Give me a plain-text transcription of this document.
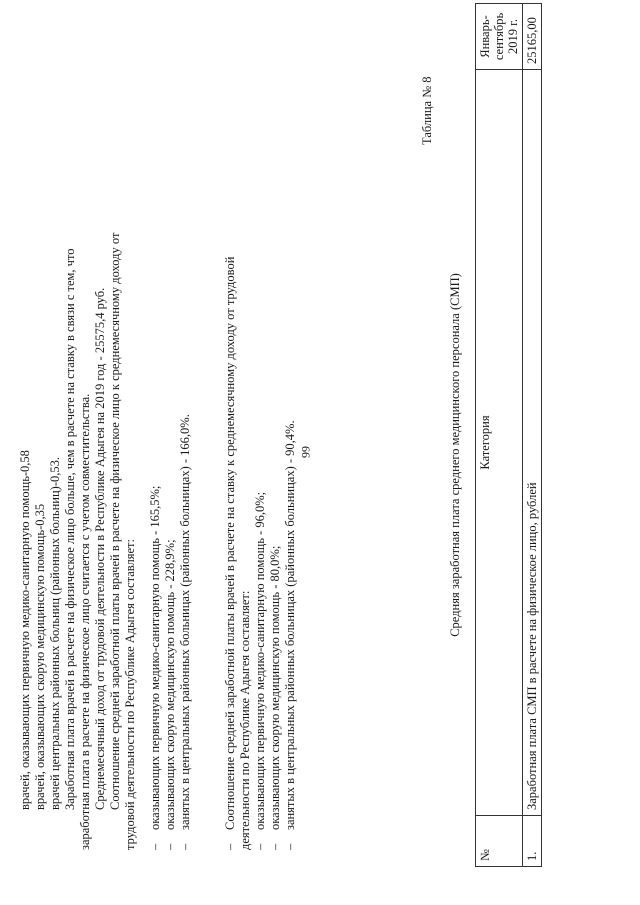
99
врачей, оказывающих первичную медико-санитарную помощь-0,58 врачей, оказывающих скорую медицинскую помощь-0,35 врачей центральных районных больниц (районных больниц)-0,53. Заработная плата врачей в расчете на физическое лицо больше, чем в расчете на ставку в связи с тем, что заработная плата в расчете на физическое лицо считается с учетом совместительства. Среднемесячный доход от трудовой деятельности в Республике Адыгея на 2019 год - 25575,4 руб. Соотношение средней заработной платы врачей в расчете на физическое лицо к среднемесячному доходу от трудовой деятельности по Республике Адыгея составляет: –
оказывающих первичную медико-санитарную помощь - 165,5%;
–
оказывающих скорую медицинскую помощь - 228,9%;
–
занятых в центральных районных больницах (районных больницах) - 166,0%.
–
Соотношение средней заработной платы врачей в расчете на ставку к среднемесячному доходу от трудовой деятельности по Республике Адыгея составляет: –
оказывающих первичную медико-санитарную помощь - 96,0%;
–
оказывающих скорую медицинскую помощь - 80,0%;
–
занятых в центральных районных больницах (районных больницах) - 90,4%.	Средняя заработная плата среднего медицинского персонала (СМП)
Таблица № 8
№	Категория	Январь-сентябрь 2019 г.

1.	Заработная плата СМП в расчете на физическое лицо, рублей	25165,00
